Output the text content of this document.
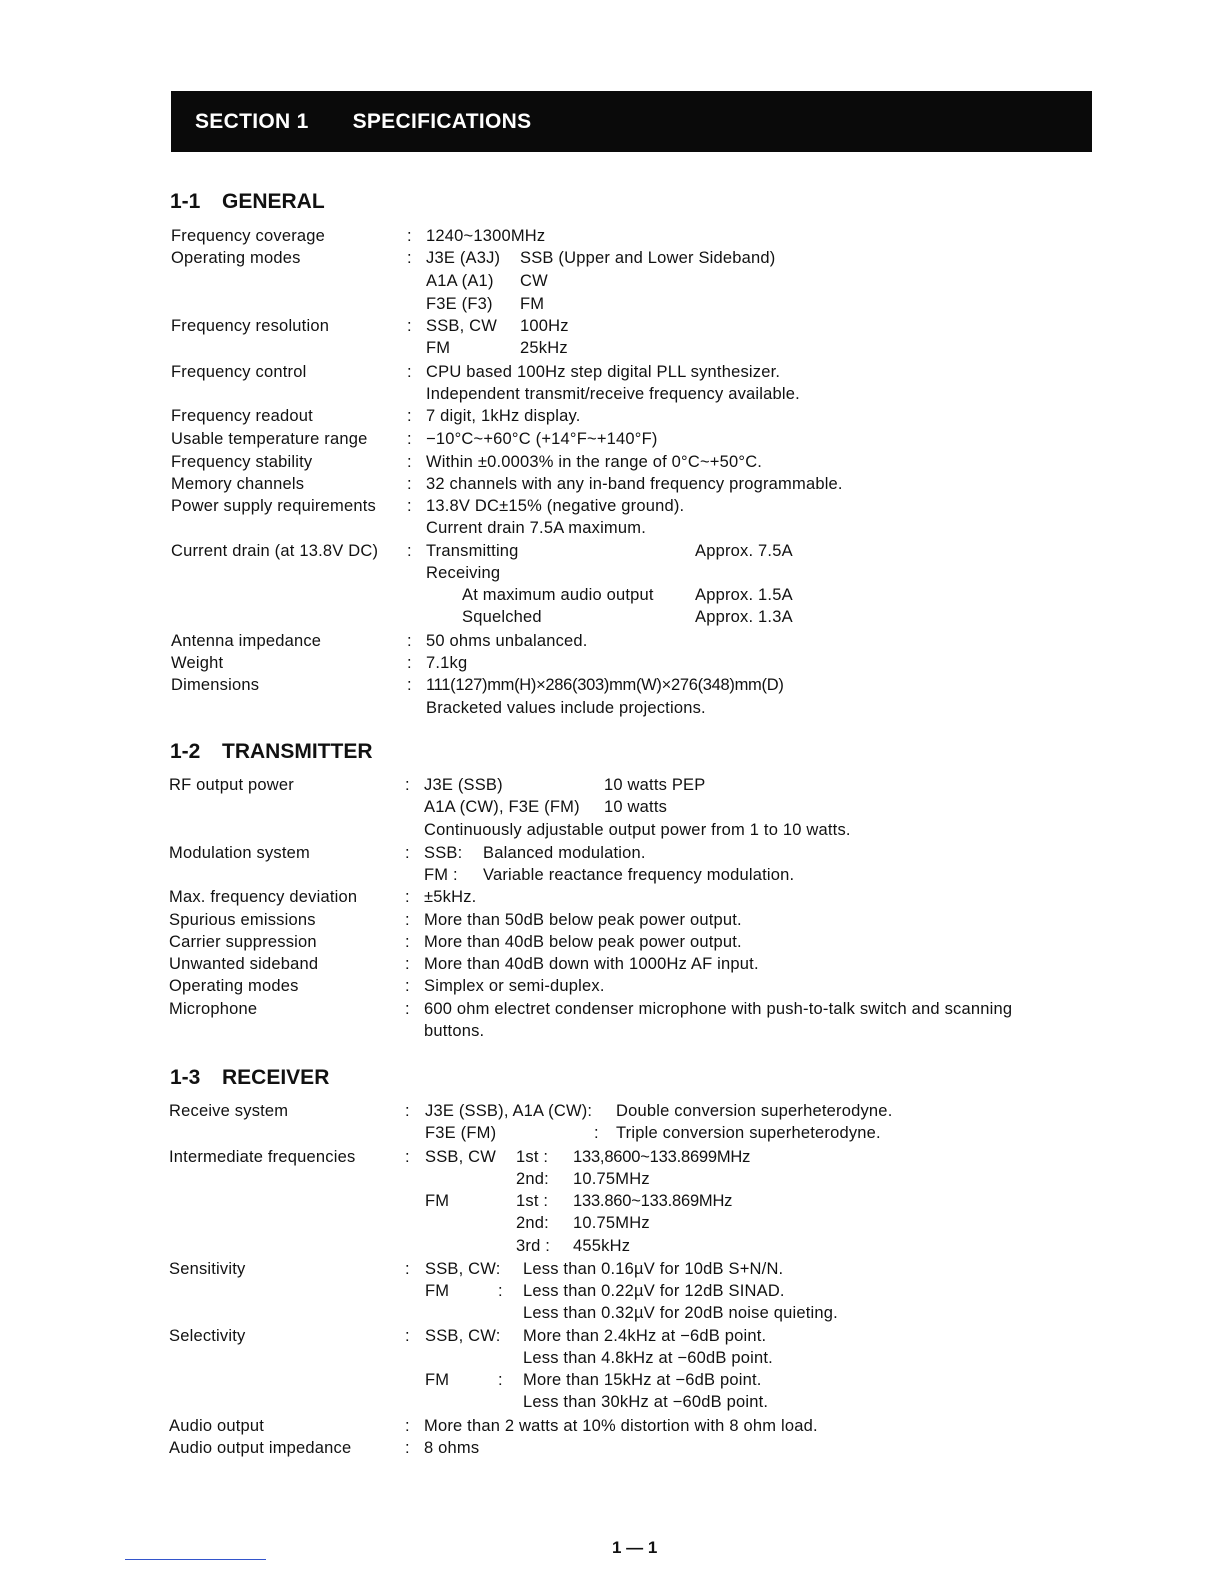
SECTION 1 SPECIFICATIONS
1-1 GENERAL
Frequency coverage	: 1240~1300MHz
Operating modes	: J3E (A3J) SSB (Upper and Lower Sideband)
A1A (A1) CW
F3E (F3) FM
Frequency resolution	: SSB, CW 100Hz
FM	25kHz
Frequency control	: CPU based 100Hz step digital PLL synthesizer.
Independent transmit/receive frequency available.
Frequency readout	: 7 digit, 1kHz display.
Usable temperature range : −10°C~+60°C (+14°F~+140°F)
Frequency stability	: Within ±0.0003% in the range of 0°C~+50°C.
Memory channels	: 32 channels with any in-band frequency programmable.
Power supply requirements : 13.8V DC±15% (negative ground).
Current drain 7.5A maximum.
Current drain (at 13.8V DC) : Transmitting	Approx. 7.5A
Receiving
At maximum audio output	Approx. 1.5A
Squelched	Approx. 1.3A
Antenna impedance	: 50 ohms unbalanced.
Weight	: 7.1kg
Dimensions	: 111(127)mm(H)×286(303)mm(W)×276(348)mm(D)
Bracketed values include projections.
1-2 TRANSMITTER
RF output power	: J3E (SSB)	10 watts PEP
A1A (CW), F3E (FM) 10 watts
Continuously adjustable output power from 1 to 10 watts.
Modulation system	: SSB: Balanced modulation.
FM : Variable reactance frequency modulation.
Max. frequency deviation	: ±5kHz.
Spurious emissions	: More than 50dB below peak power output.
Carrier suppression	: More than 40dB below peak power output.
Unwanted sideband	: More than 40dB down with 1000Hz AF input.
Operating modes	: Simplex or semi-duplex.
Microphone	: 600 ohm electret condenser microphone with push-to-talk switch and scanning
buttons.
1-3 RECEIVER
Receive system	: J3E (SSB), A1A (CW): Double conversion superheterodyne.
F3E (FM)	: Triple conversion superheterodyne.
Intermediate frequencies	: SSB, CW 1st : 133,8600~133.8699MHz
2nd: 10.75MHz
FM	1st : 133.860~133.869MHz
2nd: 10.75MHz
3rd : 455kHz
Sensitivity	: SSB, CW: Less than 0.16µV for 10dB S+N/N.
FM	: Less than 0.22µV for 12dB SINAD.
Less than 0.32µV for 20dB noise quieting.
Selectivity	: SSB, CW: More than 2.4kHz at −6dB point.
Less than 4.8kHz at −60dB point.
FM	: More than 15kHz at −6dB point.
Less than 30kHz at −60dB point.
Audio output	: More than 2 watts at 10% distortion with 8 ohm load.
Audio output impedance	: 8 ohms
1 — 1
